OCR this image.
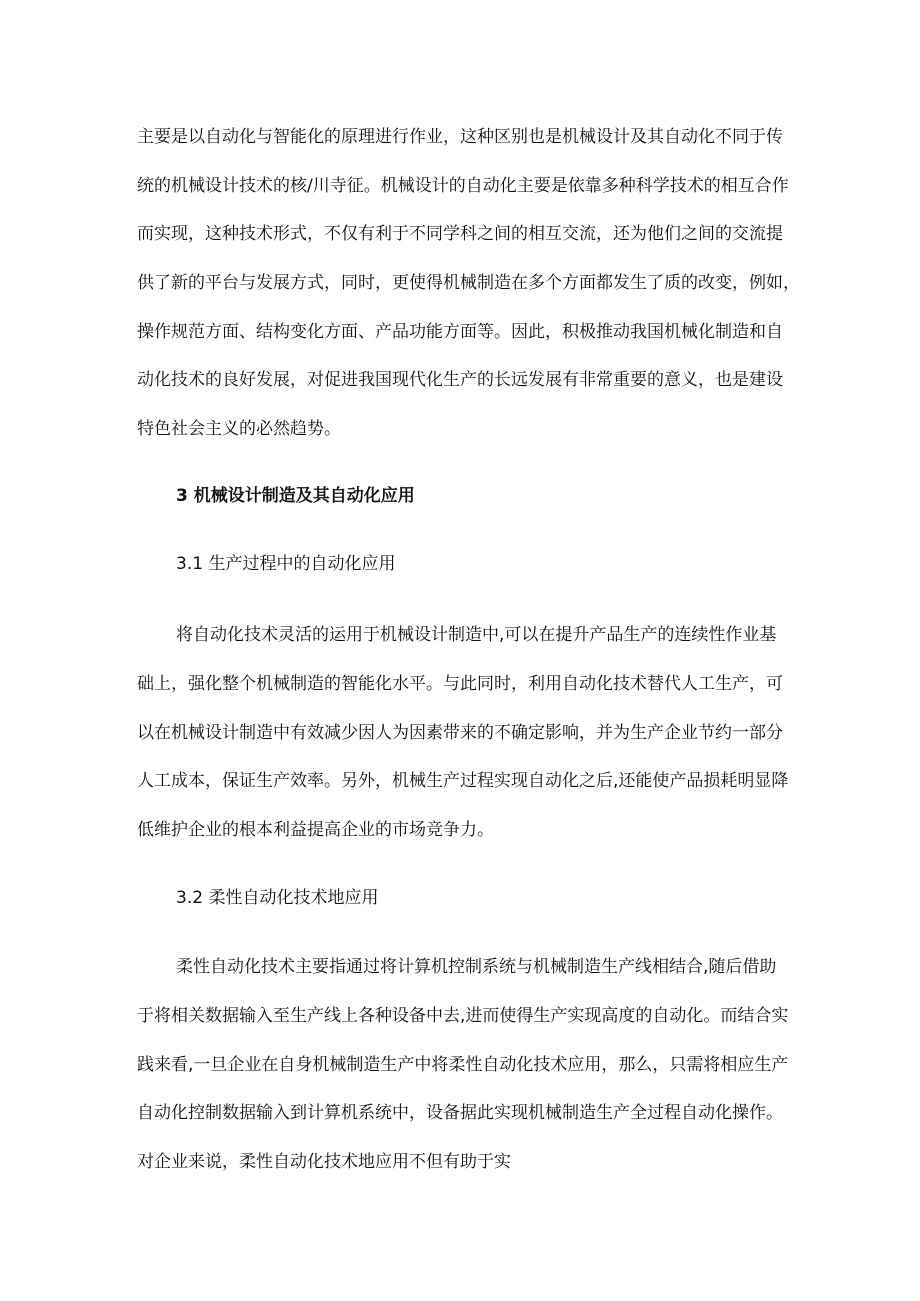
主要是以自动化与智能化的原理进行作业，这种区别也是机械设计及其自动化不同于传
统的机械设计技术的核/川寺征。机械设计的自动化主要是依靠多种科学技术的相互合作
而实现，这种技术形式，不仅有利于不同学科之间的相互交流，还为他们之间的交流提
供了新的平台与发展方式，同时，更使得机械制造在多个方面都发生了质的改变，例如，
操作规范方面、结构变化方面、产品功能方面等。因此，积极推动我国机械化制造和自
动化技术的良好发展，对促进我国现代化生产的长远发展有非常重要的意义，也是建设
特色社会主义的必然趋势。
3 机械设计制造及其自动化应用
3.1 生产过程中的自动化应用
将自动化技术灵活的运用于机械设计制造中,可以在提升产品生产的连续性作业基
础上，强化整个机械制造的智能化水平。与此同时，利用自动化技术替代人工生产，可
以在机械设计制造中有效减少因人为因素带来的不确定影响，并为生产企业节约一部分
人工成本，保证生产效率。另外，机械生产过程实现自动化之后,还能使产品损耗明显降
低维护企业的根本利益提高企业的市场竞争力。
3.2 柔性自动化技术地应用
柔性自动化技术主要指通过将计算机控制系统与机械制造生产线相结合,随后借助
于将相关数据输入至生产线上各种设备中去,进而使得生产实现高度的自动化。而结合实
践来看,一旦企业在自身机械制造生产中将柔性自动化技术应用，那么，只需将相应生产
自动化控制数据输入到计算机系统中，设备据此实现机械制造生产全过程自动化操作。
对企业来说，柔性自动化技术地应用不但有助于实
